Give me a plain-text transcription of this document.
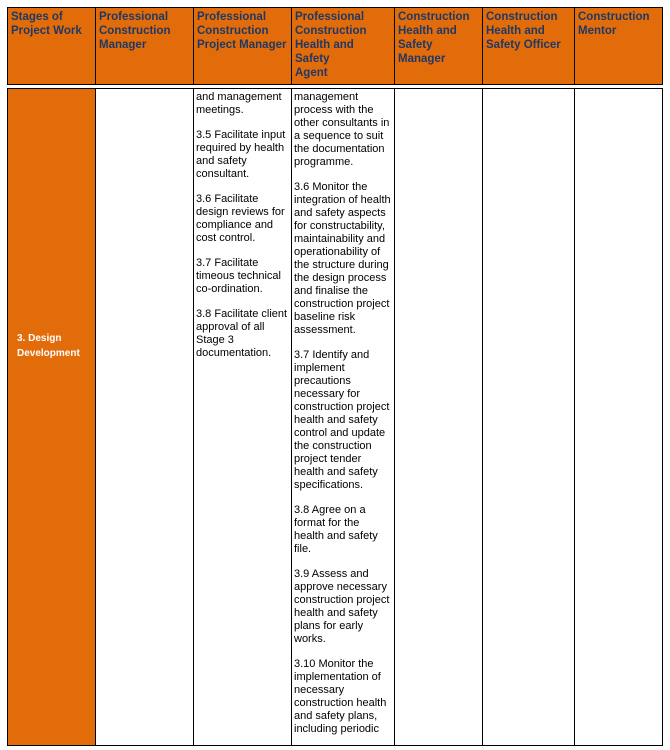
Stages of
Project Work
Professional
Construction
Manager
Professional
Construction
Project Manager
Professional
Construction
Health and Safety
Agent
Construction
Health and
Safety Manager
Construction
Health and
Safety Officer
Construction
Mentor
3. Design
Development

and management
meetings.

3.5 Facilitate input
required by health
and safety
consultant.

3.6 Facilitate
design reviews for
compliance and
cost control.

3.7 Facilitate
timeous technical
co-ordination.

3.8 Facilitate client
approval of all
Stage 3
documentation.

management
process with the
other consultants in
a sequence to suit
the documentation
programme.

3.6 Monitor the
integration of health
and safety aspects
for constructability,
maintainability and
operationability of
the structure during
the design process
and finalise the
construction project
baseline risk
assessment.

3.7 Identify and
implement
precautions
necessary for
construction project
health and safety
control and update
the construction
project tender
health and safety
specifications.

3.8 Agree on a
format for the
health and safety
file.

3.9 Assess and
approve necessary
construction project
health and safety
plans for early
works.

3.10 Monitor the
implementation of
necessary
construction health
and safety plans,
including periodic
